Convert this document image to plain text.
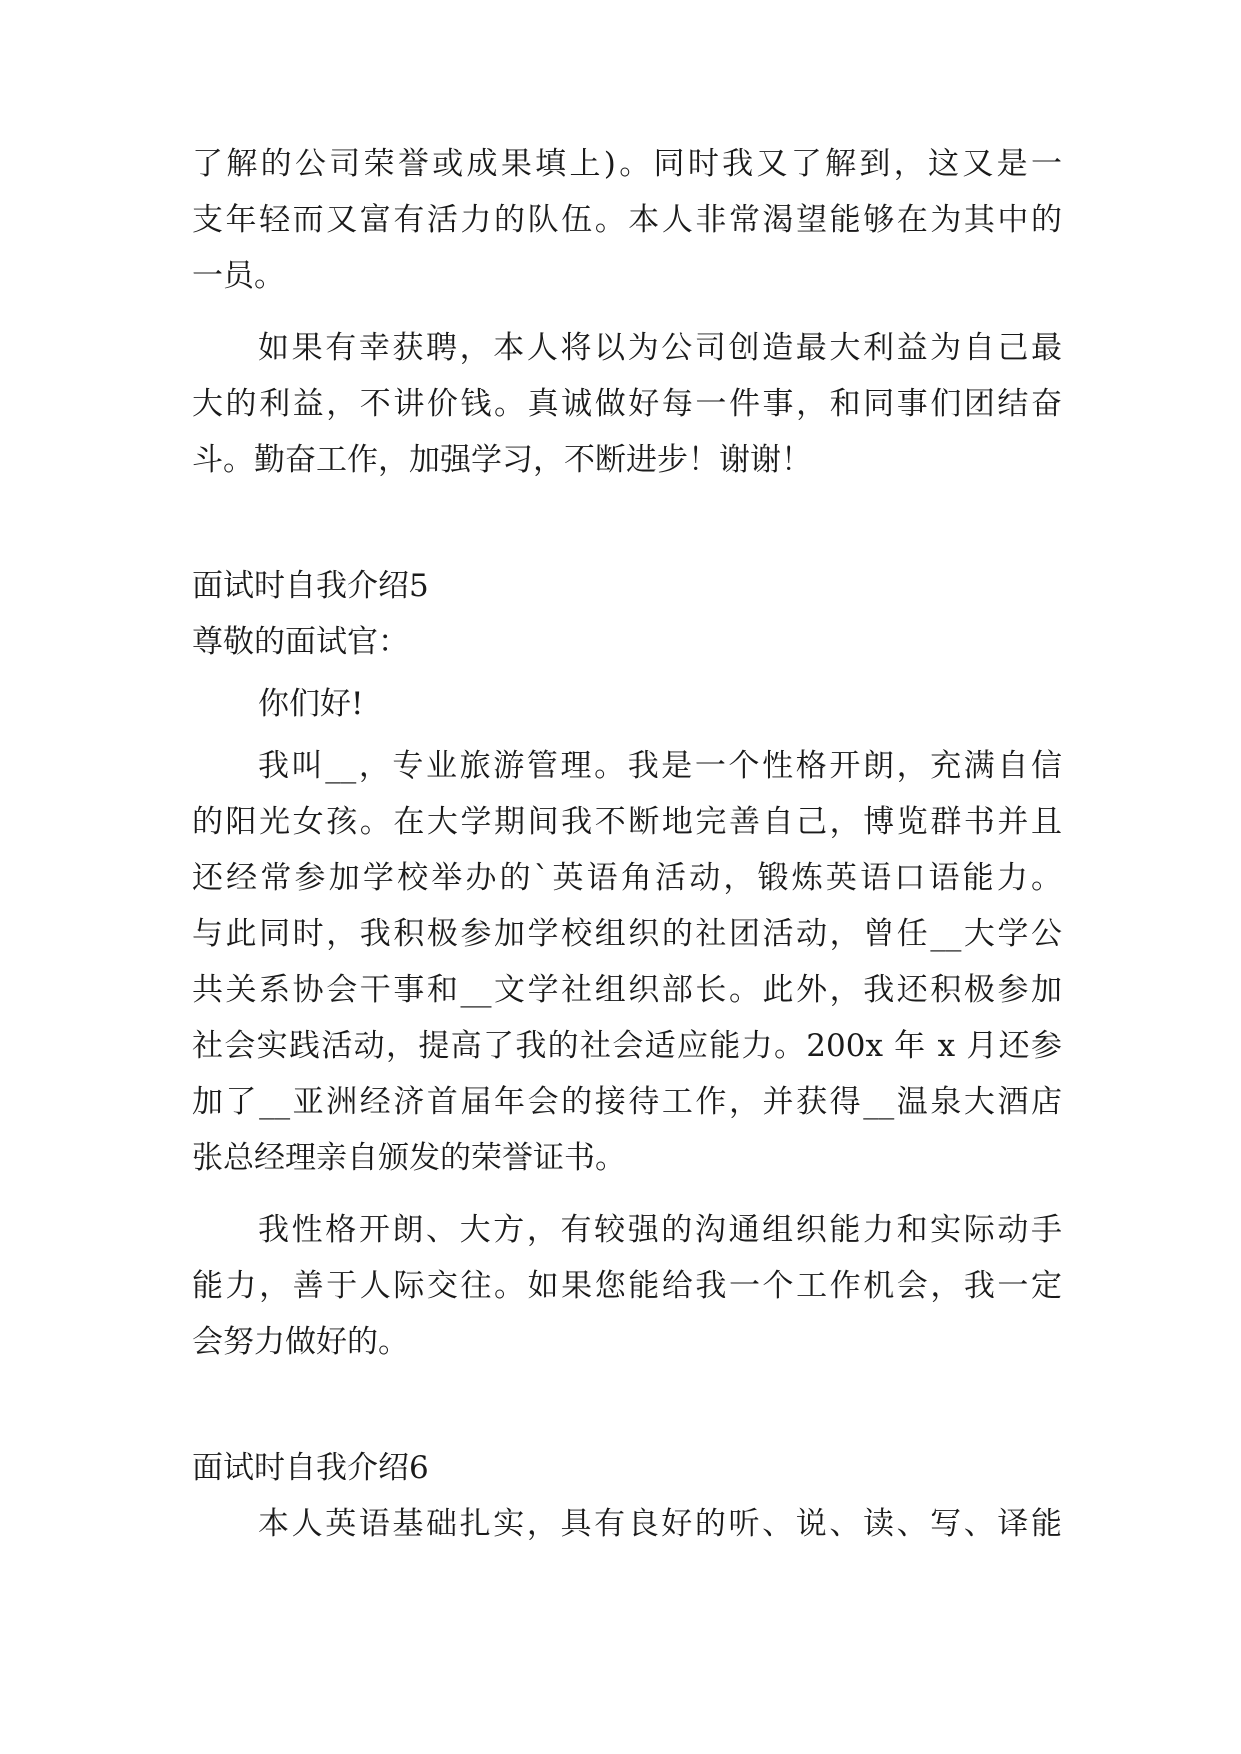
了解的公司荣誉或成果填上)。同时我又了解到，这又是一

支年轻而又富有活力的队伍。本人非常渴望能够在为其中的

一员。

如果有幸获聘，本人将以为公司创造最大利益为自己最

大的利益，不讲价钱。真诚做好每一件事，和同事们团结奋

斗。勤奋工作，加强学习，不断进步！谢谢！

面试时自我介绍5

尊敬的面试官：

你们好!

我叫__，专业旅游管理。我是一个性格开朗，充满自信

的阳光女孩。在大学期间我不断地完善自己，博览群书并且

还经常参加学校举办的`英语角活动，锻炼英语口语能力。

与此同时，我积极参加学校组织的社团活动，曾任__大学公

共关系协会干事和__文学社组织部长。此外，我还积极参加

社会实践活动，提高了我的社会适应能力。200x 年 x 月还参

加了__亚洲经济首届年会的接待工作，并获得__温泉大酒店

张总经理亲自颁发的荣誉证书。

我性格开朗、大方，有较强的沟通组织能力和实际动手

能力，善于人际交往。如果您能给我一个工作机会，我一定

会努力做好的。

面试时自我介绍6

本人英语基础扎实，具有良好的听、说、读、写、译能
